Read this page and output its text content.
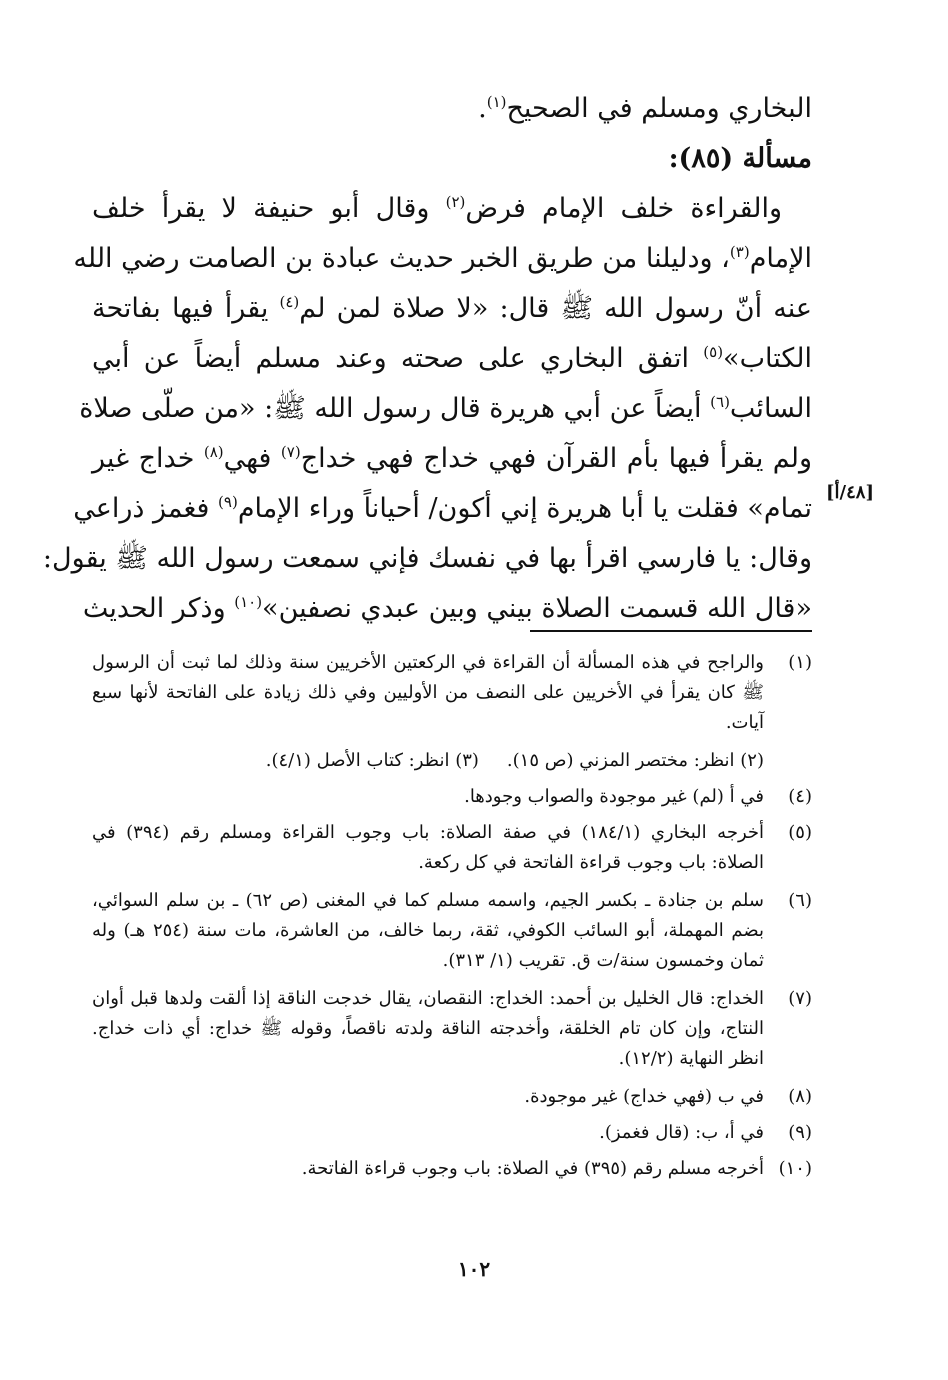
البخاري ومسلم في الصحيح$^{(١)}$.
مسألة (٨٥):
والقراءة خلف الإمام فرض$^{(٢)}$ وقال أبو حنيفة لا يقرأ خلف
الإمام$^{(٣)}$، ودليلنا من طريق الخبر حديث عبادة بن الصامت رضي الله
عنه أنّ رسول الله ﷺ قال: «لا صلاة لمن لم$^{(٤)}$ يقرأ فيها بفاتحة
الكتاب»$^{(٥)}$ اتفق البخاري على صحته وعند مسلم أيضاً عن أبي
السائب$^{(٦)}$ أيضاً عن أبي هريرة قال رسول الله ﷺ: «من صلّى صلاة
ولم يقرأ فيها بأم القرآن فهي خداج فهي خداج$^{(٧)}$ فهي$^{(٨)}$ خداج غير
تمام» فقلت يا أبا هريرة إني أكون/ أحياناً وراء الإمام$^{(٩)}$ فغمز ذراعي
وقال: يا فارسي اقرأ بها في نفسك فإني سمعت رسول الله ﷺ يقول:
«قال الله قسمت الصلاة بيني وبين عبدي نصفين»$^{(١٠)}$ وذكر الحديث
[٤٨/أ]
(١)
والراجح في هذه المسألة أن القراءة في الركعتين الأخريين سنة وذلك لما ثبت أن الرسول ﷺ كان يقرأ في الأخريين على النصف من الأوليين وفي ذلك زيادة على الفاتحة لأنها سبع آيات.
(٢) انظر: مختصر المزني (ص ١٥).
(٣) انظر: كتاب الأصل (٤/١).
(٤)
في أ (لم) غير موجودة والصواب وجودها.
(٥)
أخرجه البخاري (١٨٤/١) في صفة الصلاة: باب وجوب القراءة ومسلم رقم (٣٩٤) في الصلاة: باب وجوب قراءة الفاتحة في كل ركعة.
(٦)
سلم بن جنادة ـ بكسر الجيم، واسمه مسلم كما في المغنى (ص ٦٢) ـ بن سلم السوائي، بضم المهملة، أبو السائب الكوفي، ثقة، ربما خالف، من العاشرة، مات سنة (٢٥٤ هـ) وله ثمان وخمسون سنة/ت ق. تقريب (١/ ٣١٣).
(٧)
الخداج: قال الخليل بن أحمد: الخداج: النقصان، يقال خدجت الناقة إذا ألقت ولدها قبل أوان النتاج، وإن كان تام الخلقة، وأخدجته الناقة ولدته ناقصاً، وقوله ﷺ خداج: أي ذات خداج. انظر النهاية (١٢/٢).
(٨)
في ب (فهي خداج) غير موجودة.
(٩)
في أ، ب: (قال فغمز).
(١٠)
أخرجه مسلم رقم (٣٩٥) في الصلاة: باب وجوب قراءة الفاتحة.
١٠٢
